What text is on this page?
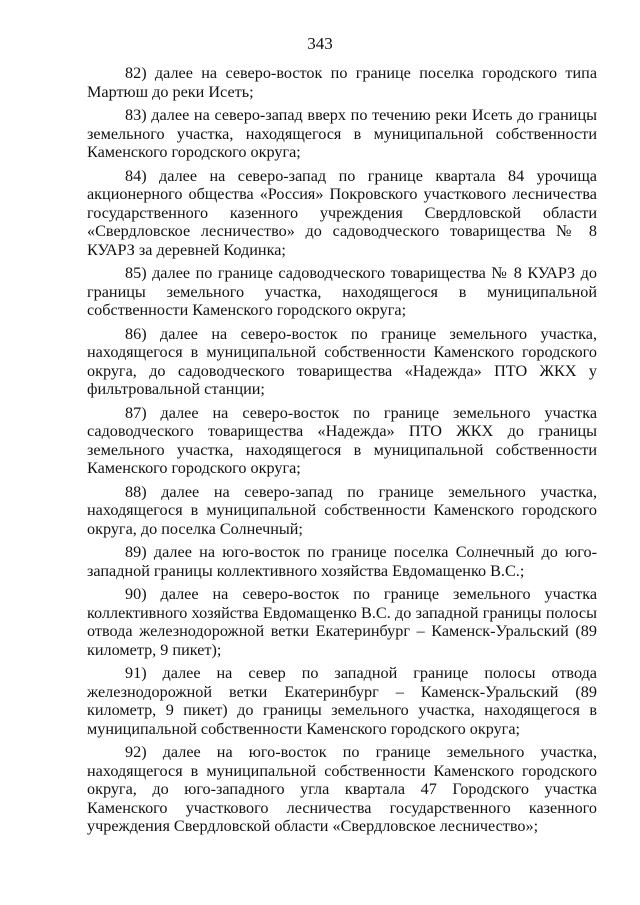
343

82) далее на северо-восток по границе поселка городского типа Мартюш до реки Исеть;

83) далее на северо-запад вверх по течению реки Исеть до границы земельного участка, находящегося в муниципальной собственности Каменского городского округа;

84) далее на северо-запад по границе квартала 84 урочища акционерного общества «Россия» Покровского участкового лесничества государственного казенного учреждения Свердловской области «Свердловское лесничество» до садоводческого товарищества № 8 КУАРЗ за деревней Кодинка;

85) далее по границе садоводческого товарищества № 8 КУАРЗ до границы земельного участка, находящегося в муниципальной собственности Каменского городского округа;

86) далее на северо-восток по границе земельного участка, находящегося в муниципальной собственности Каменского городского округа, до садоводческого товарищества «Надежда» ПТО ЖКХ у фильтровальной станции;

87) далее на северо-восток по границе земельного участка садоводческого товарищества «Надежда» ПТО ЖКХ до границы земельного участка, находящегося в муниципальной собственности Каменского городского округа;

88) далее на северо-запад по границе земельного участка, находящегося в муниципальной собственности Каменского городского округа, до поселка Солнечный;

89) далее на юго-восток по границе поселка Солнечный до юго-западной границы коллективного хозяйства Евдомащенко В.С.;

90) далее на северо-восток по границе земельного участка коллективного хозяйства Евдомащенко В.С. до западной границы полосы отвода железнодорожной ветки Екатеринбург – Каменск-Уральский (89 километр, 9 пикет);

91) далее на север по западной границе полосы отвода железнодорожной ветки Екатеринбург – Каменск-Уральский (89 километр, 9 пикет) до границы земельного участка, находящегося в муниципальной собственности Каменского городского округа;

92) далее на юго-восток по границе земельного участка, находящегося в муниципальной собственности Каменского городского округа, до юго-западного угла квартала 47 Городского участка Каменского участкового лесничества государственного казенного учреждения Свердловской области «Свердловское лесничество»;
